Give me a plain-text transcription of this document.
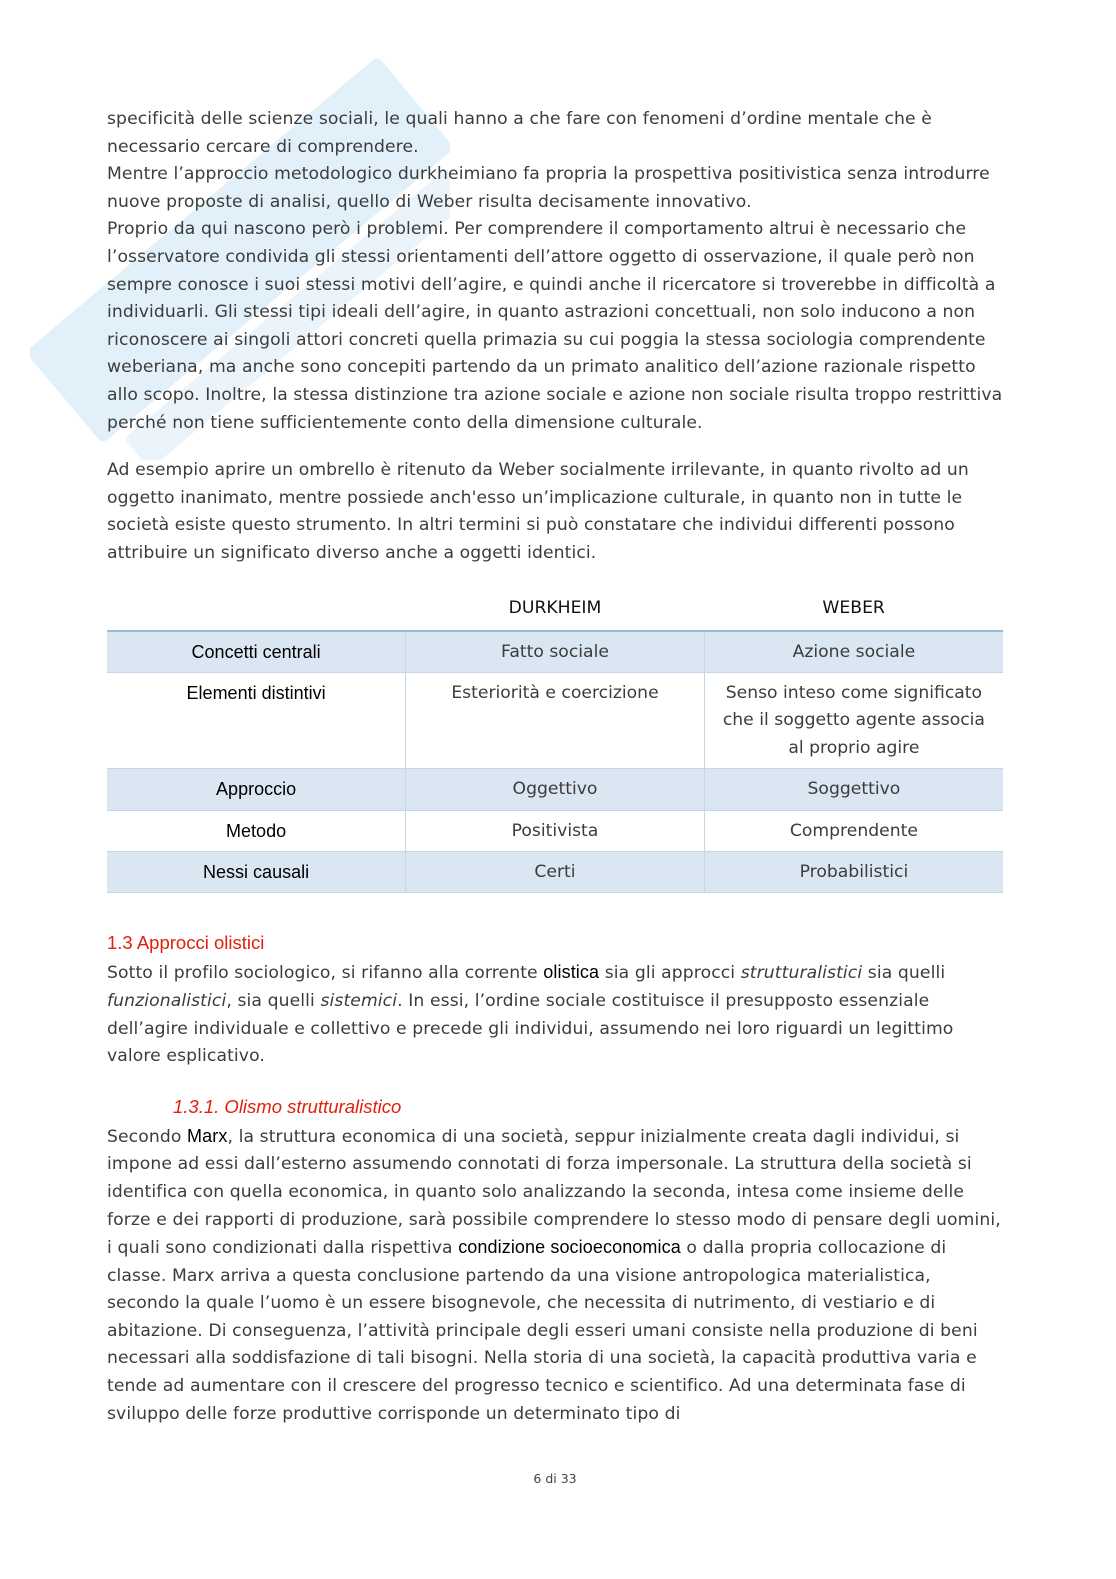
specificità delle scienze sociali, le quali hanno a che fare con fenomeni d’ordine mentale che è necessario cercare di comprendere.

Mentre l’approccio metodologico durkheimiano fa propria la prospettiva positivistica senza introdurre nuove proposte di analisi, quello di Weber risulta decisamente innovativo.

Proprio da qui nascono però i problemi. Per comprendere il comportamento altrui è necessario che l’osservatore condivida gli stessi orientamenti dell’attore oggetto di osservazione, il quale però non sempre conosce i suoi stessi motivi dell’agire, e quindi anche il ricercatore si troverebbe in difficoltà a individuarli. Gli stessi tipi ideali dell’agire, in quanto astrazioni concettuali, non solo inducono a non riconoscere ai singoli attori concreti quella primazia su cui poggia la stessa sociologia comprendente weberiana, ma anche sono concepiti partendo da un primato analitico dell’azione razionale rispetto allo scopo. Inoltre, la stessa distinzione tra azione sociale e azione non sociale risulta troppo restrittiva perché non tiene sufficientemente conto della dimensione culturale.

Ad esempio aprire un ombrello è ritenuto da Weber socialmente irrilevante, in quanto rivolto ad un oggetto inanimato, mentre possiede anch'esso un’implicazione culturale, in quanto non in tutte le società esiste questo strumento. In altri termini si può constatare che individui differenti possono attribuire un significato diverso anche a oggetti identici.

	DURKHEIM	WEBER
Concetti centrali	Fatto sociale	Azione sociale
Elementi distintivi	Esteriorità e coercizione	Senso inteso come significato che il soggetto agente associa al proprio agire
Approccio	Oggettivo	Soggettivo
Metodo	Positivista	Comprendente
Nessi causali	Certi	Probabilistici
1.3 Approcci olistici

Sotto il profilo sociologico, si rifanno alla corrente olistica sia gli approcci strutturalistici sia quelli funzionalistici, sia quelli sistemici. In essi, l’ordine sociale costituisce il presupposto essenziale dell’agire individuale e collettivo e precede gli individui, assumendo nei loro riguardi un legittimo valore esplicativo.

1.3.1. Olismo strutturalistico

Secondo Marx, la struttura economica di una società, seppur inizialmente creata dagli individui, si impone ad essi dall’esterno assumendo connotati di forza impersonale. La struttura della società si identifica con quella economica, in quanto solo analizzando la seconda, intesa come insieme delle forze e dei rapporti di produzione, sarà possibile comprendere lo stesso modo di pensare degli uomini, i quali sono condizionati dalla rispettiva condizione socioeconomica o dalla propria collocazione di classe. Marx arriva a questa conclusione partendo da una visione antropologica materialistica, secondo la quale l’uomo è un essere bisognevole, che necessita di nutrimento, di vestiario e di abitazione. Di conseguenza, l’attività principale degli esseri umani consiste nella produzione di beni necessari alla soddisfazione di tali bisogni. Nella storia di una società, la capacità produttiva varia e tende ad aumentare con il crescere del progresso tecnico e scientifico. Ad una determinata fase di sviluppo delle forze produttive corrisponde un determinato tipo di

6 di 33
